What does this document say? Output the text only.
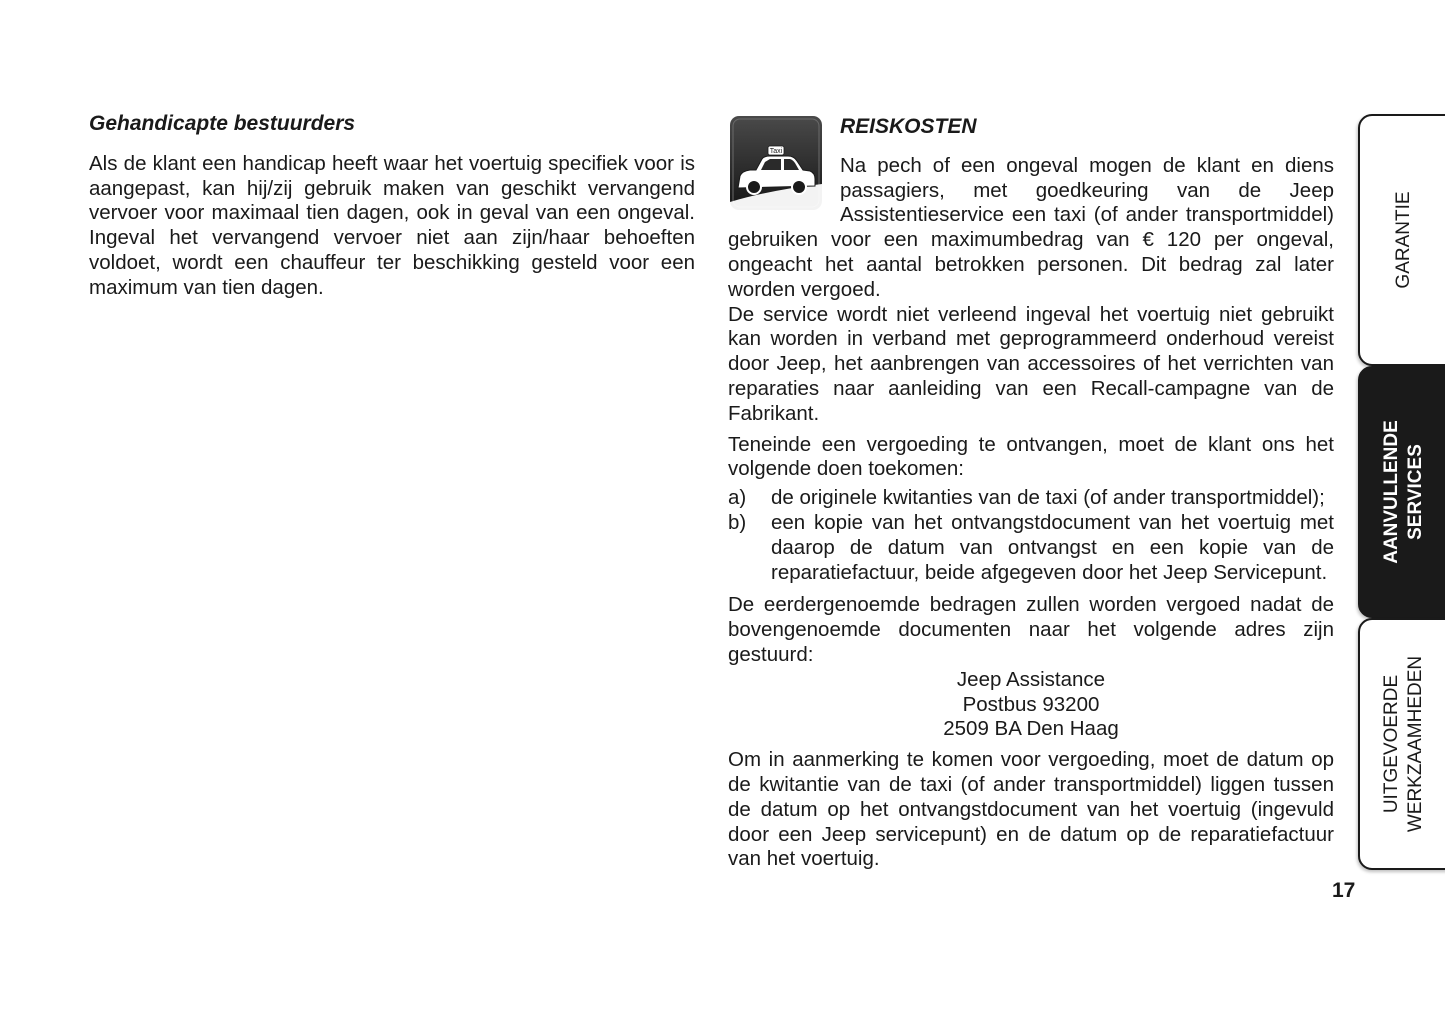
Gehandicapte bestuurders

Als de klant een handicap heeft waar het voertuig specifiek voor is aangepast, kan hij/zij gebruik maken van geschikt vervangend vervoer voor maximaal tien dagen, ook in geval van een ongeval. Ingeval het vervangend vervoer niet aan zijn/haar behoeften voldoet, wordt een chauffeur ter beschikking gesteld voor een maximum van tien dagen.

Taxi

REISKOSTEN

Na pech of een ongeval mogen de klant en diens passagiers, met goedkeuring van de Jeep Assistentieservice een taxi (of ander transportmiddel) gebruiken voor een maximumbedrag van € 120 per ongeval, ongeacht het aantal betrokken personen. Dit bedrag zal later worden vergoed.

De service wordt niet verleend ingeval het voertuig niet gebruikt kan worden in verband met geprogrammeerd onderhoud vereist door Jeep, het aanbrengen van accessoires of het verrichten van reparaties naar aanleiding van een Recall-campagne van de Fabrikant.

Teneinde een vergoeding te ontvangen, moet de klant ons het volgende doen toekomen:

a) de originele kwitanties van de taxi (of ander transportmiddel);
b) een kopie van het ontvangstdocument van het voertuig met daarop de datum van ontvangst en een kopie van de reparatiefactuur, beide afgegeven door het Jeep Servicepunt.

De eerdergenoemde bedragen zullen worden vergoed nadat de bovengenoemde documenten naar het volgende adres zijn gestuurd:

Jeep Assistance

Postbus 93200

2509 BA Den Haag

Om in aanmerking te komen voor vergoeding, moet de datum op de kwitantie van de taxi (of ander transportmiddel) liggen tussen de datum op het ontvangstdocument van het voertuig (ingevuld door een Jeep servicepunt) en de datum op de reparatiefactuur van het voertuig.

17
GARANTIE
AANVULLENDE SERVICES
UITGEVOERDE WERKZAAMHEDEN
